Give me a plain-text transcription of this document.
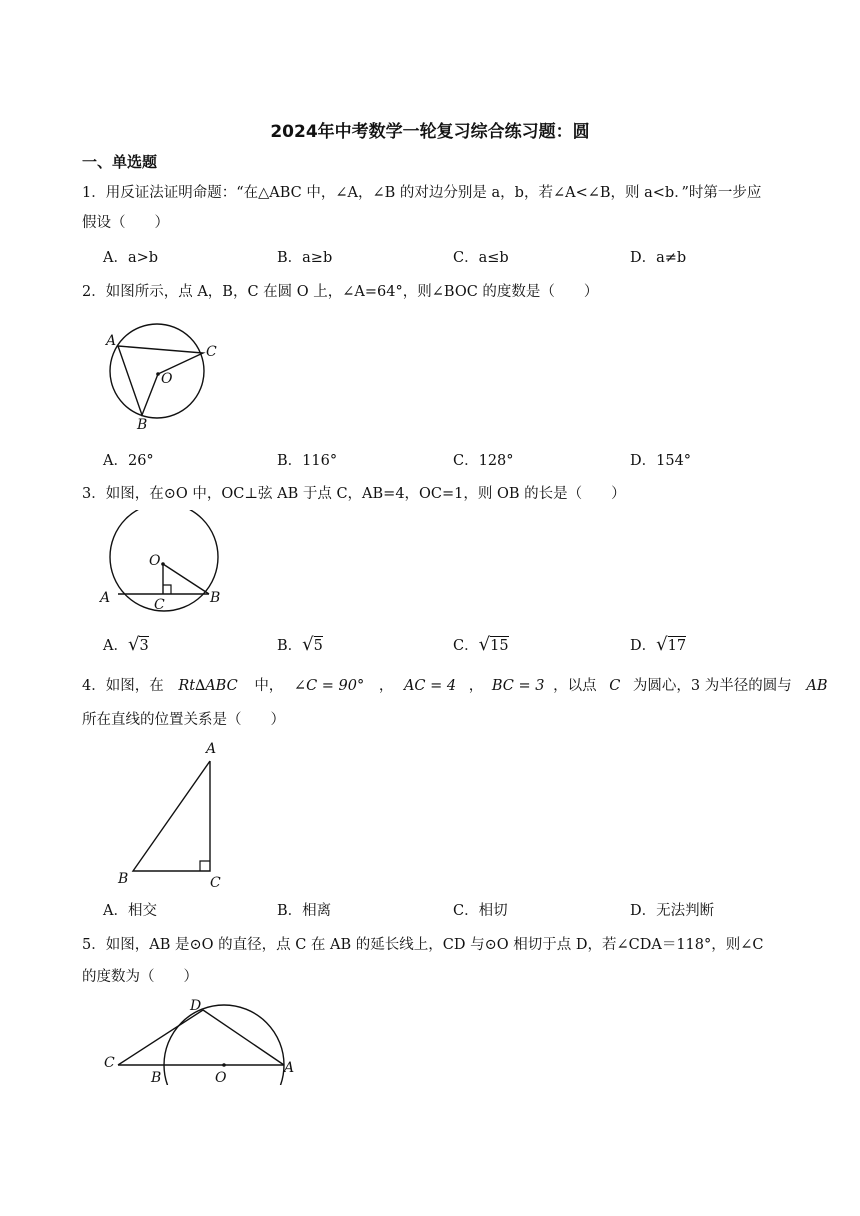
2024年中考数学一轮复习综合练习题：圆
一、单选题
1．用反证法证明命题：“在△ABC 中，∠A，∠B 的对边分别是 a，b，若∠A<∠B，则 a<b．”时第一步应
假设（　　）
A．a>b	B．a≥b	C．a≤b	D．a≠b
2．如图所示，点 A，B，C 在圆 O 上，∠A=64°，则∠BOC 的度数是（　　）
A
C
O
B
A．26°	B．116°	C．128°	D．154°
3．如图，在⊙O 中，OC⊥弦 AB 于点 C，AB=4，OC=1，则 OB 的长是（　　）
O
A	C	B
A．√3	B．√5	C．√15	D．√17
4．如图，在 Rt∆ABC 中， ∠C = 90° ， AC = 4 ， BC = 3 ，以点 C 为圆心，3 为半径的圆与 AB
所在直线的位置关系是（　　）
A
B	C
A．相交	B．相离	C．相切	D．无法判断
5．如图，AB 是⊙O 的直径，点 C 在 AB 的延长线上，CD 与⊙O 相切于点 D，若∠CDA＝118°，则∠C
的度数为（　　）
D
C
B	O
A
